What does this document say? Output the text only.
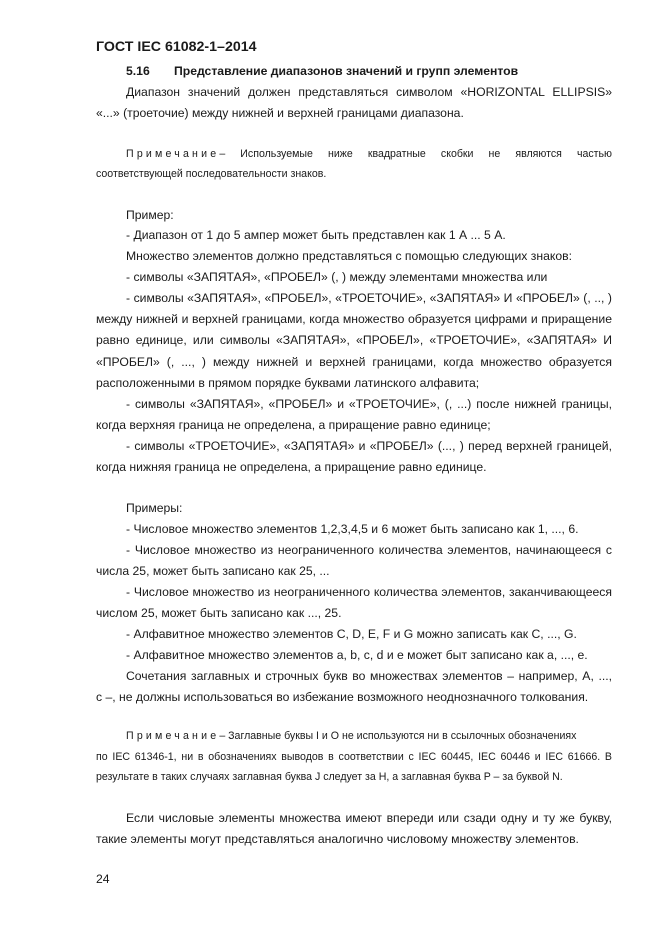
ГОСТ IEC 61082-1–2014
5.16 Представление диапазонов значений и групп элементов
Диапазон значений должен представляться символом «HORIZONTAL ELLIPSIS»
«...» (троеточие) между нижней и верхней границами диапазона.
Примечание– Используемые ниже квадратные скобки не являются частью
соответствующей последовательности знаков.
Пример:
- Диапазон от 1 до 5 ампер может быть представлен как 1 А ... 5 А.
Множество элементов должно представляться с помощью следующих знаков:
- символы «ЗАПЯТАЯ», «ПРОБЕЛ» (, ) между элементами множества или
- символы «ЗАПЯТАЯ», «ПРОБЕЛ», «ТРОЕТОЧИЕ», «ЗАПЯТАЯ» И «ПРОБЕЛ» (, .., )
между нижней и верхней границами, когда множество образуется цифрами и приращение
равно единице, или символы «ЗАПЯТАЯ», «ПРОБЕЛ», «ТРОЕТОЧИЕ», «ЗАПЯТАЯ» И
«ПРОБЕЛ» (, ..., ) между нижней и верхней границами, когда множество образуется
расположенными в прямом порядке буквами латинского алфавита;
- символы «ЗАПЯТАЯ», «ПРОБЕЛ» и «ТРОЕТОЧИЕ», (, ...) после нижней границы,
когда верхняя граница не определена, а приращение равно единице;
- символы «ТРОЕТОЧИЕ», «ЗАПЯТАЯ» и «ПРОБЕЛ» (..., ) перед верхней границей,
когда нижняя граница не определена, а приращение равно единице.
Примеры:
- Числовое множество элементов 1,2,3,4,5 и 6 может быть записано как 1, ..., 6.
- Числовое множество из неограниченного количества элементов, начинающееся с
числа 25, может быть записано как 25, ...
- Числовое множество из неограниченного количества элементов, заканчивающееся
числом 25, может быть записано как ..., 25.
- Алфавитное множество элементов С, D, E, F и G можно записать как С, ..., G.
- Алфавитное множество элементов a, b, c, d и e может быт записано как a, ..., e.
Сочетания заглавных и строчных букв во множествах элементов – например, А, ...,
c –, не должны использоваться во избежание возможного неоднозначного толкования.
Примечание– Заглавные буквы I и O не используются ни в ссылочных обозначениях
по IEC 61346-1, ни в обозначениях выводов в соответствии с IEC 60445, IEC 60446 и IEC 61666. В
результате в таких случаях заглавная буква J следует за H, а заглавная буква P – за буквой N.
Если числовые элементы множества имеют впереди или сзади одну и ту же букву,
такие элементы могут представляться аналогично числовому множеству элементов.
24
